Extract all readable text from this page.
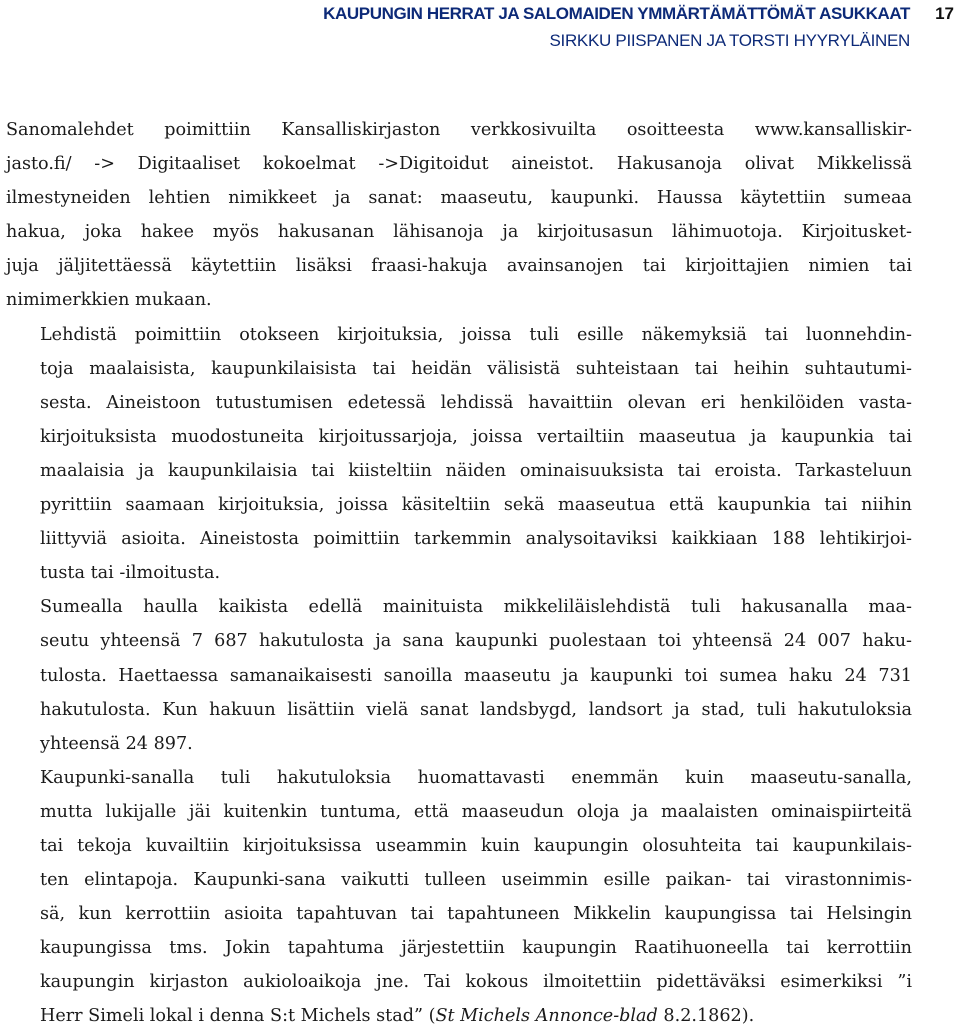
KAUPUNGIN HERRAT JA SALOMAIDEN YMMÄRTÄMÄTTÖMÄT ASUKKAAT
SIRKKU PIISPANEN JA TORSTI HYYRYLÄINEN
17

Sanomalehdet poimittiin Kansalliskirjaston verkkosivuilta osoitteesta www.kansalliskir-
jasto.fi/ -> Digitaaliset kokoelmat ->Digitoidut aineistot. Hakusanoja olivat Mikkelissä
ilmestyneiden lehtien nimikkeet ja sanat: maaseutu, kaupunki. Haussa käytettiin sumeaa
hakua, joka hakee myös hakusanan lähisanoja ja kirjoitusasun lähimuotoja. Kirjoitusket-
juja jäljitettäessä käytettiin lisäksi fraasi-hakuja avainsanojen tai kirjoittajien nimien tai
nimimerkkien mukaan.

Lehdistä poimittiin otokseen kirjoituksia, joissa tuli esille näkemyksiä tai luonnehdin-
toja maalaisista, kaupunkilaisista tai heidän välisistä suhteistaan tai heihin suhtautumi-
sesta. Aineistoon tutustumisen edetessä lehdissä havaittiin olevan eri henkilöiden vasta-
kirjoituksista muodostuneita kirjoitussarjoja, joissa vertailtiin maaseutua ja kaupunkia tai
maalaisia ja kaupunkilaisia tai kiisteltiin näiden ominaisuuksista tai eroista. Tarkasteluun
pyrittiin saamaan kirjoituksia, joissa käsiteltiin sekä maaseutua että kaupunkia tai niihin
liittyviä asioita. Aineistosta poimittiin tarkemmin analysoitaviksi kaikkiaan 188 lehtikirjoi-
tusta tai -ilmoitusta.

Sumealla haulla kaikista edellä mainituista mikkeliläislehdistä tuli hakusanalla maa-
seutu yhteensä 7 687 hakutulosta ja sana kaupunki puolestaan toi yhteensä 24 007 haku-
tulosta. Haettaessa samanaikaisesti sanoilla maaseutu ja kaupunki toi sumea haku 24 731
hakutulosta. Kun hakuun lisättiin vielä sanat landsbygd, landsort ja stad, tuli hakutuloksia
yhteensä 24 897.

Kaupunki-sanalla tuli hakutuloksia huomattavasti enemmän kuin maaseutu-sanalla,
mutta lukijalle jäi kuitenkin tuntuma, että maaseudun oloja ja maalaisten ominaispiirteitä
tai tekoja kuvailtiin kirjoituksissa useammin kuin kaupungin olosuhteita tai kaupunkilais-
ten elintapoja. Kaupunki-sana vaikutti tulleen useimmin esille paikan- tai virastonnimis-
sä, kun kerrottiin asioita tapahtuvan tai tapahtuneen Mikkelin kaupungissa tai Helsingin
kaupungissa tms. Jokin tapahtuma järjestettiin kaupungin Raatihuoneella tai kerrottiin
kaupungin kirjaston aukioloaikoja jne. Tai kokous ilmoitettiin pidettäväksi esimerkiksi ”i
Herr Simeli lokal i denna S:t Michels stad” (St Michels Annonce-blad 8.2.1862).
